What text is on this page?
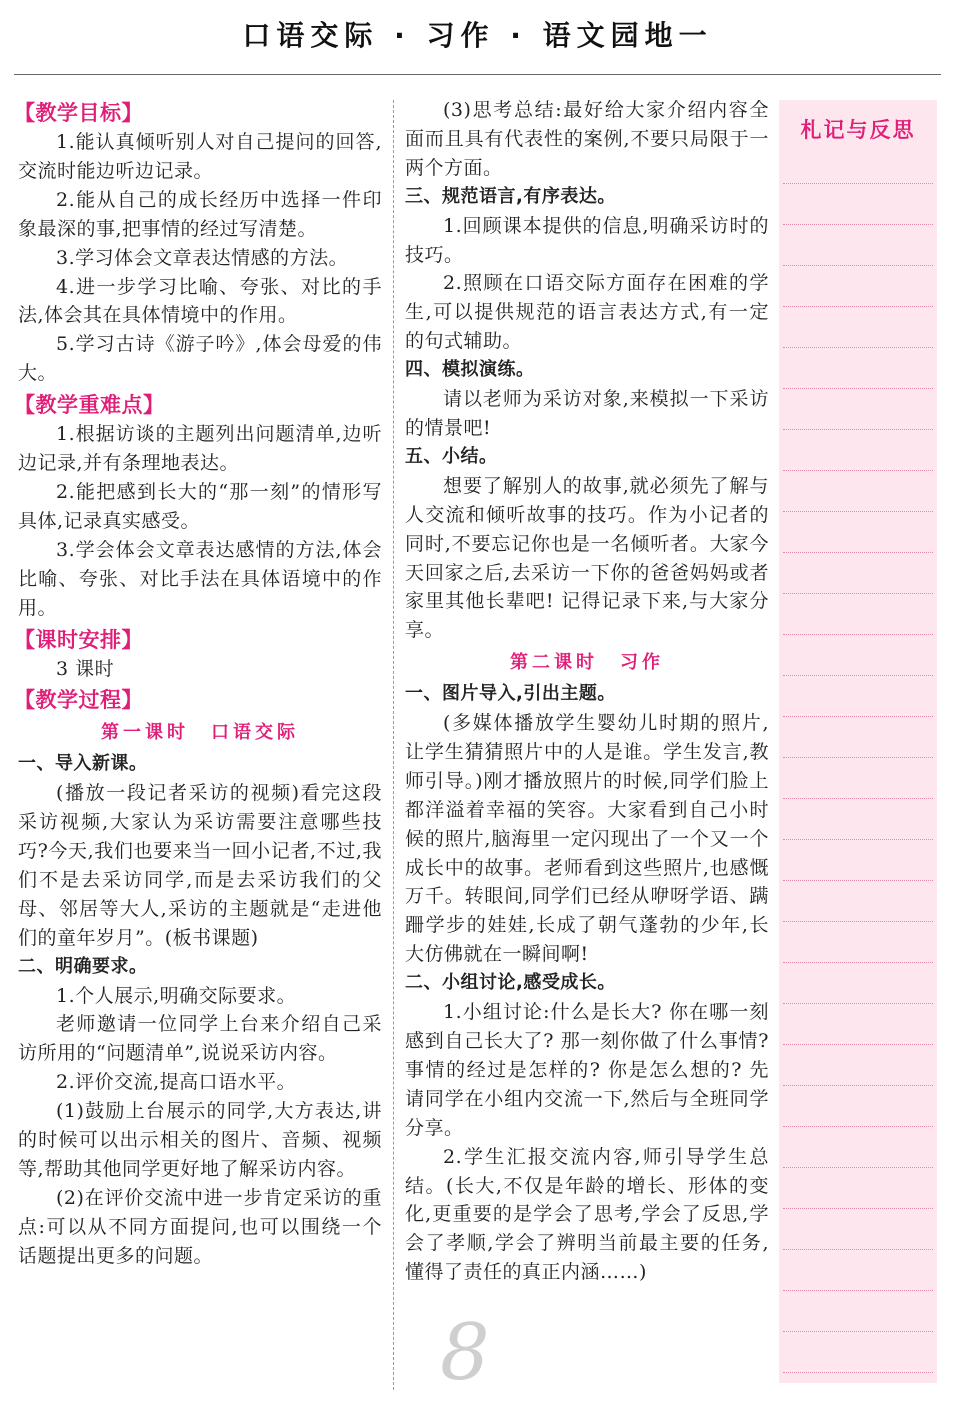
口语交际 · 习作 · 语文园地一

【教学目标】

1.能认真倾听别人对自己提问的回答,交流时能边听边记录。

2.能从自己的成长经历中选择一件印象最深的事,把事情的经过写清楚。

3.学习体会文章表达情感的方法。

4.进一步学习比喻、夸张、对比的手法,体会其在具体情境中的作用。

5.学习古诗《游子吟》,体会母爱的伟大。

【教学重难点】

1.根据访谈的主题列出问题清单,边听边记录,并有条理地表达。

2.能把感到长大的“那一刻”的情形写具体,记录真实感受。

3.学会体会文章表达感情的方法,体会比喻、夸张、对比手法在具体语境中的作用。

【课时安排】

3 课时

【教学过程】

第一课时　口语交际

一、导入新课。

(播放一段记者采访的视频)看完这段采访视频,大家认为采访需要注意哪些技巧?今天,我们也要来当一回小记者,不过,我们不是去采访同学,而是去采访我们的父母、邻居等大人,采访的主题就是“走进他们的童年岁月”。(板书课题)

二、明确要求。

1.个人展示,明确交际要求。

老师邀请一位同学上台来介绍自己采访所用的“问题清单”,说说采访内容。

2.评价交流,提高口语水平。

(1)鼓励上台展示的同学,大方表达,讲的时候可以出示相关的图片、音频、视频等,帮助其他同学更好地了解采访内容。

(2)在评价交流中进一步肯定采访的重点:可以从不同方面提问,也可以围绕一个话题提出更多的问题。

(3)思考总结:最好给大家介绍内容全面而且具有代表性的案例,不要只局限于一两个方面。

三、规范语言,有序表达。

1.回顾课本提供的信息,明确采访时的技巧。

2.照顾在口语交际方面存在困难的学生,可以提供规范的语言表达方式,有一定的句式辅助。

四、模拟演练。

请以老师为采访对象,来模拟一下采访的情景吧!

五、小结。

想要了解别人的故事,就必须先了解与人交流和倾听故事的技巧。作为小记者的同时,不要忘记你也是一名倾听者。大家今天回家之后,去采访一下你的爸爸妈妈或者家里其他长辈吧! 记得记录下来,与大家分享。

第二课时　习作

一、图片导入,引出主题。

(多媒体播放学生婴幼儿时期的照片,让学生猜猜照片中的人是谁。学生发言,教师引导。)刚才播放照片的时候,同学们脸上都洋溢着幸福的笑容。大家看到自己小时候的照片,脑海里一定闪现出了一个又一个成长中的故事。老师看到这些照片,也感慨万千。转眼间,同学们已经从咿呀学语、蹒跚学步的娃娃,长成了朝气蓬勃的少年,长大仿佛就在一瞬间啊!

二、小组讨论,感受成长。

1.小组讨论:什么是长大? 你在哪一刻感到自己长大了? 那一刻你做了什么事情? 事情的经过是怎样的? 你是怎么想的? 先请同学在小组内交流一下,然后与全班同学分享。

2.学生汇报交流内容,师引导学生总结。(长大,不仅是年龄的增长、形体的变化,更重要的是学会了思考,学会了反思,学会了孝顺,学会了辨明当前最主要的任务,懂得了责任的真正内涵……)

札记与反思
8
